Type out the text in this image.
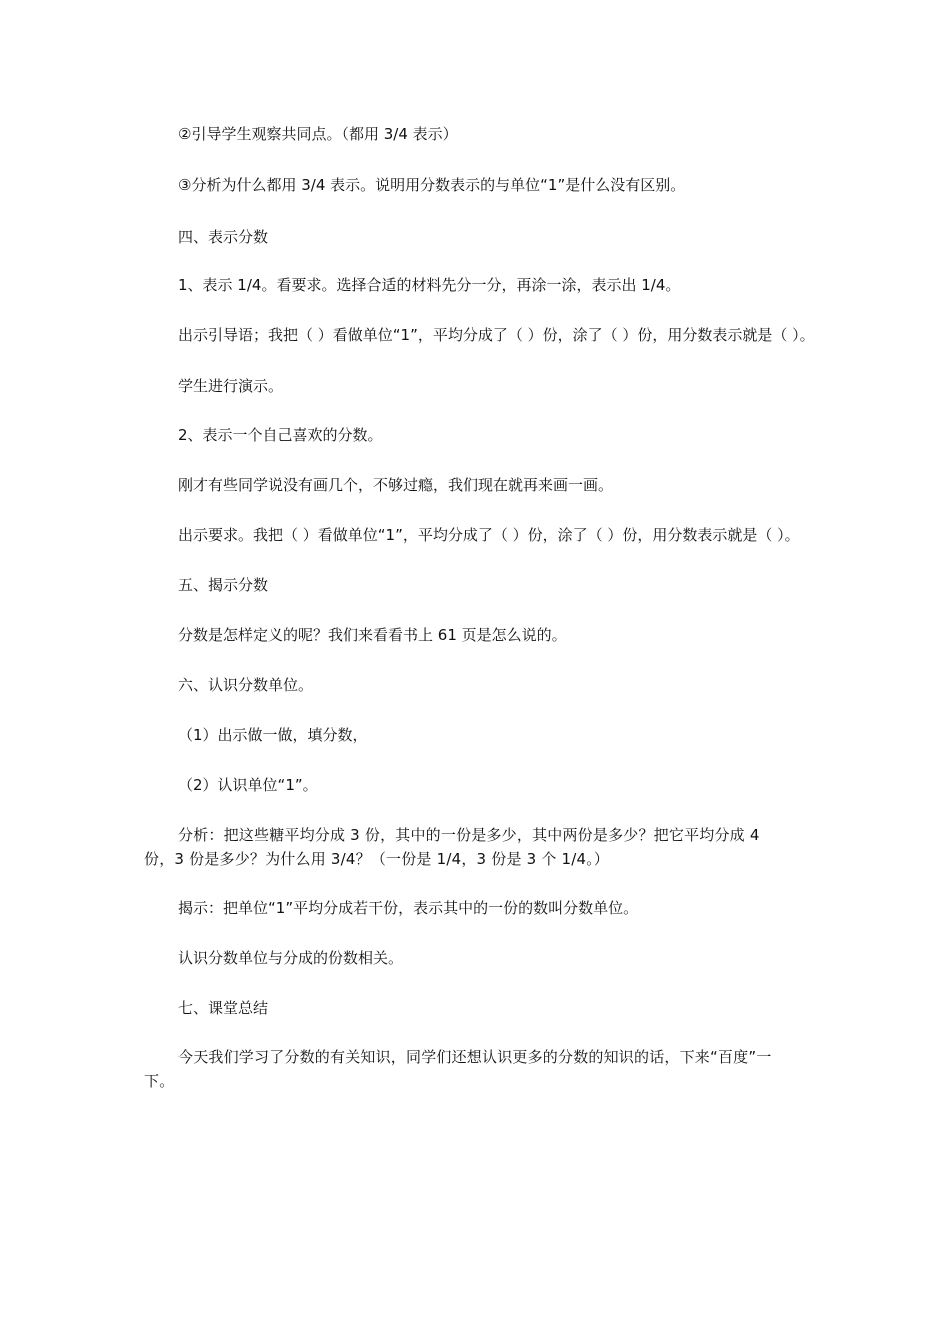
②引导学生观察共同点。（都用 3/4 表示）
③分析为什么都用 3/4 表示。说明用分数表示的与单位“1”是什么没有区别。
四、表示分数
1、表示 1/4。看要求。选择合适的材料先分一分，再涂一涂，表示出 1/4。
出示引导语；我把（ ）看做单位“1”，平均分成了（ ）份，涂了（ ）份，用分数表示就是（ ）。
学生进行演示。
2、表示一个自己喜欢的分数。
刚才有些同学说没有画几个，不够过瘾，我们现在就再来画一画。
出示要求。我把（ ）看做单位“1”，平均分成了（ ）份，涂了（ ）份，用分数表示就是（ ）。
五、揭示分数
分数是怎样定义的呢？我们来看看书上 61 页是怎么说的。
六、认识分数单位。
（1）出示做一做，填分数，
（2）认识单位“1”。
分析：把这些糖平均分成 3 份，其中的一份是多少，其中两份是多少？把它平均分成 4 份，3 份是多少？为什么用 3/4？（一份是 1/4，3 份是 3 个 1/4。）
揭示：把单位“1”平均分成若干份，表示其中的一份的数叫分数单位。
认识分数单位与分成的份数相关。
七、课堂总结
今天我们学习了分数的有关知识，同学们还想认识更多的分数的知识的话，下来“百度”一下。
